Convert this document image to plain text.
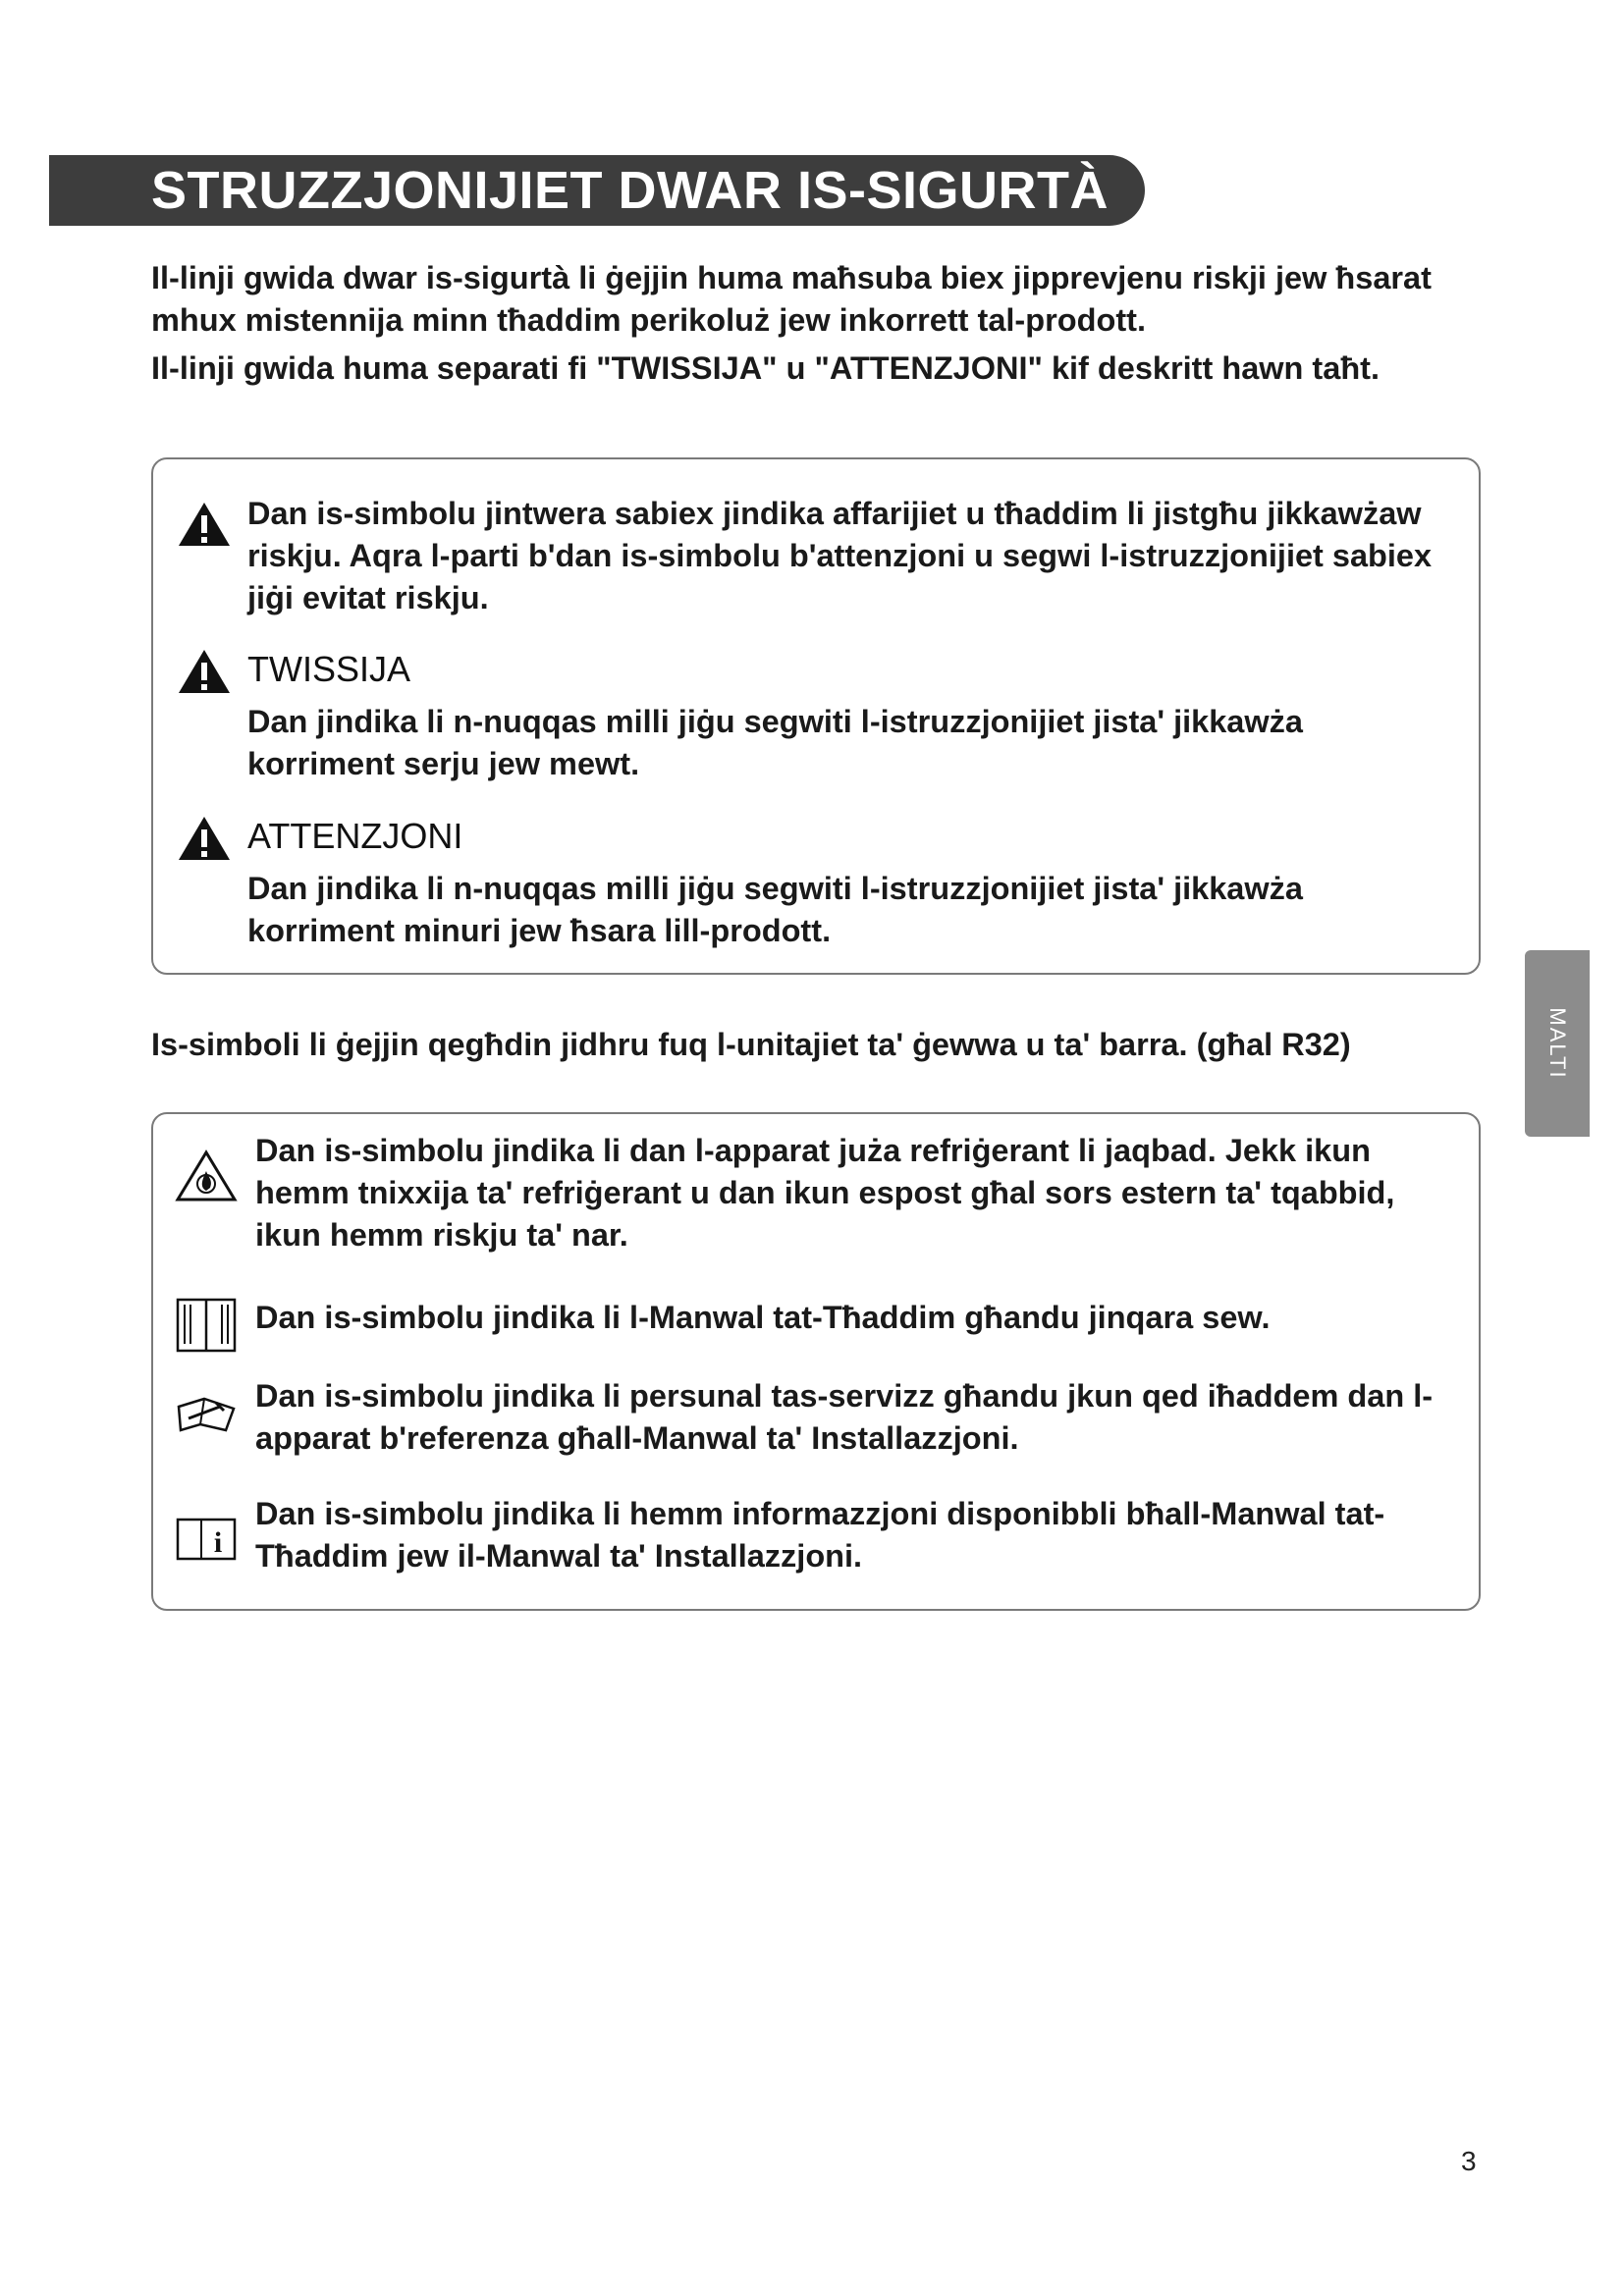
STRUZZJONIJIET DWAR IS-SIGURTÀ

Il-linji gwida dwar is-sigurtà li ġejjin huma maħsuba biex jipprevjenu riskji jew ħsarat mhux mistennija minn tħaddim perikoluż jew inkorrett tal-prodott.

Il-linji gwida huma separati fi "TWISSIJA" u "ATTENZJONI" kif deskritt hawn taħt.

Dan is-simbolu jintwera sabiex jindika affarijiet u tħaddim li jistgħu jikkawżaw riskju. Aqra l-parti b'dan is-simbolu b'attenzjoni u segwi l-istruzzjonijiet sabiex jiġi evitat riskju.

TWISSIJA

Dan jindika li n-nuqqas milli jiġu segwiti l-istruzzjonijiet jista' jikkawża korriment serju jew mewt.

ATTENZJONI

Dan jindika li n-nuqqas milli jiġu segwiti l-istruzzjonijiet jista' jikkawża korriment minuri jew ħsara lill-prodott.

Is-simboli li ġejjin qegħdin jidhru fuq l-unitajiet ta' ġewwa u ta' barra. (għal R32)

Dan is-simbolu jindika li dan l-apparat juża refriġerant li jaqbad. Jekk ikun hemm tnixxija ta' refriġerant u dan ikun espost għal sors estern ta' tqabbid, ikun hemm riskju ta' nar.

Dan is-simbolu jindika li l-Manwal tat-Tħaddim għandu jinqara sew.

Dan is-simbolu jindika li persunal tas-servizz għandu jkun qed iħaddem dan l-apparat b'referenza għall-Manwal ta' Installazzjoni.

i

Dan is-simbolu jindika li hemm informazzjoni disponibbli bħall-Manwal tat-Tħaddim jew il-Manwal ta' Installazzjoni.

MALTI

3
